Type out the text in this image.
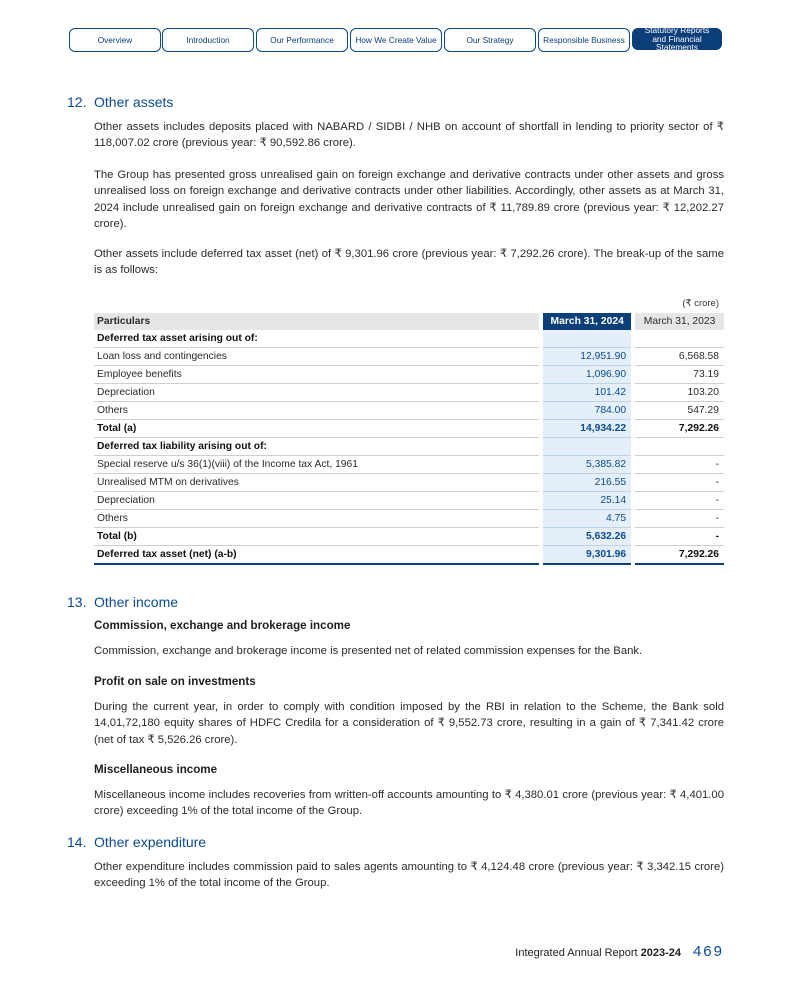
Overview	Introduction	Our Performance	How We Create Value	Our Strategy	Responsible Business
Statutory Reports and Financial Statements
12. Other assets
Other assets includes deposits placed with NABARD / SIDBI / NHB on account of shortfall in lending to priority sector of ₹ 118,007.02 crore (previous year: ₹ 90,592.86 crore).
The Group has presented gross unrealised gain on foreign exchange and derivative contracts under other assets and gross unrealised loss on foreign exchange and derivative contracts under other liabilities. Accordingly, other assets as at March 31, 2024 include unrealised gain on foreign exchange and derivative contracts of ₹ 11,789.89 crore (previous year: ₹ 12,202.27 crore).
Other assets include deferred tax asset (net) of ₹ 9,301.96 crore (previous year: ₹ 7,292.26 crore). The break-up of the same is as follows:
(₹ crore)
Particulars		March 31, 2024		March 31, 2023
Deferred tax asset arising out of:				
Loan loss and contingencies		12,951.90		6,568.58
Employee benefits		1,096.90		73.19
Depreciation		101.42		103.20
Others		784.00		547.29
Total (a)		14,934.22		7,292.26
Deferred tax liability arising out of:				
Special reserve u/s 36(1)(viii) of the Income tax Act, 1961		5,385.82		-
Unrealised MTM on derivatives		216.55		-
Depreciation		25.14		-
Others		4.75		-
Total (b)		5,632.26		-
Deferred tax asset (net) (a-b)		9,301.96		7,292.26
13. Other income
Commission, exchange and brokerage income
Commission, exchange and brokerage income is presented net of related commission expenses for the Bank.
Profit on sale on investments
During the current year, in order to comply with condition imposed by the RBI in relation to the Scheme, the Bank sold 14,01,72,180 equity shares of HDFC Credila for a consideration of ₹ 9,552.73 crore, resulting in a gain of ₹ 7,341.42 crore (net of tax ₹ 5,526.26 crore).
Miscellaneous income
Miscellaneous income includes recoveries from written-off accounts amounting to ₹ 4,380.01 crore (previous year: ₹ 4,401.00 crore) exceeding 1% of the total income of the Group.
14. Other expenditure
Other expenditure includes commission paid to sales agents amounting to ₹ 4,124.48 crore (previous year: ₹ 3,342.15 crore) exceeding 1% of the total income of the Group.
Integrated Annual Report 2023-24 469
